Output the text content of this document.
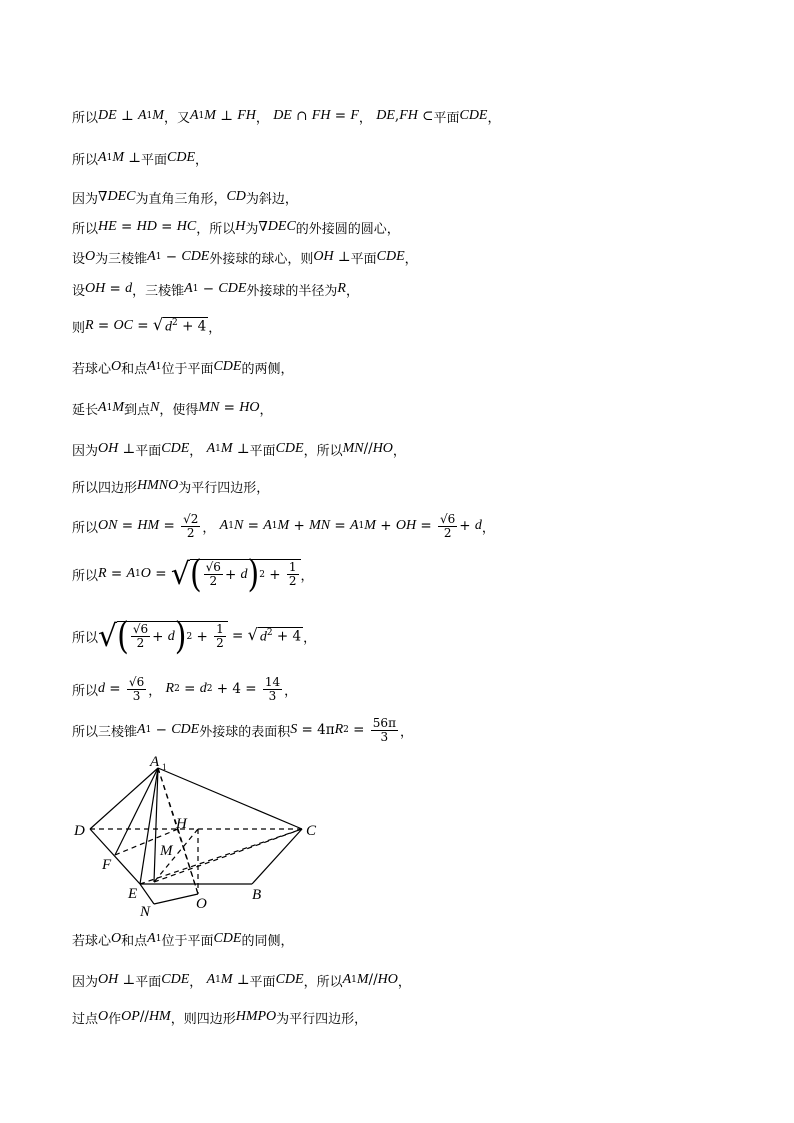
所以 DE ⊥ A 1 M ，又 A 1 M ⊥ FH ，
DE ∩ FH = F ，
DE , FH ⊂ 平面 CDE ，
所以 A 1 M ⊥ 平面 CDE ，
因为 ∇ DEC 为直角三角形， CD 为斜边，
所以 HE = HD = HC ，所以 H 为 ∇ DEC 的外接圆的圆心，
设 O 为三棱锥 A 1 − CDE 外接球的球心，则 OH ⊥ 平面 CDE ，
设 OH = d ，三棱锥 A 1 − CDE 外接球的半径为 R ，
则 R = OC = √ $d^2 + 4$ ，
若球心 O 和点 A 1 位于平面 CDE 的两侧，
延长 A 1 M 到点 N ，使得 MN = HO ，
因为 OH ⊥ 平面 CDE ，
A 1 M ⊥ 平面 CDE ，所以 MN // HO ，
所以四边形 HMNO 为平行四边形，
所以 ON = HM = $\frac{√2}{2}$ ，
A 1 N = A 1 M + MN = A 1 M + OH = $\frac{√6}{2} + d$ ，
所以 R = A 1 O = √ ( $\frac{√6}{2} + d$ ) $2 + \frac{1}{2}$ ，
所以 √ ( $\frac{√6}{2} + d$ ) $2 + \frac{1}{2}$ = √ $d^2 + 4$ ，
所以 $d = \frac{√6}{3}$ ，
R 2 = d $2 + 4 = \frac{14}{3}$ ，
所以三棱锥 A 1 − CDE 外接球的表面积 S = 4π R $2 = \frac{56\pi}{3}$ ，
A 1
D	C
H
M
F
E	B
N	O
若球心 O 和点 A 1 位于平面 CDE 的同侧，
因为 OH ⊥ 平面 CDE ，
A 1 M ⊥ 平面 CDE ，所以 A 1 M // HO ，
过点 O 作 OP // HM ，则四边形 HMPO 为平行四边形，
